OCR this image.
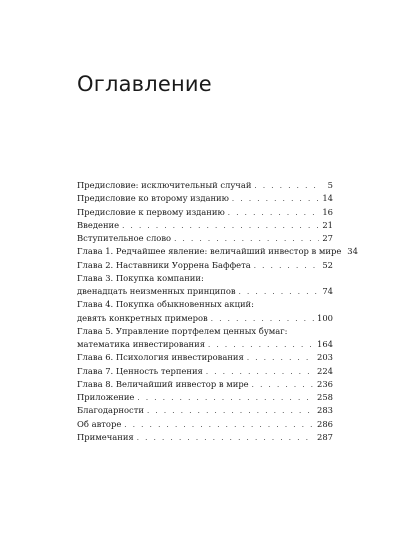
Оглавление
Предисловие: исключительный случай . . .	5
Предисловие ко второму изданию . . .	14
Предисловие к первому изданию . . .	16
Введение . . .	21
Вступительное слово . . .	27
Глава 1. Редчайшее явление: величайший инвестор в мире 34
Глава 2. Наставники Уоррена Баффета . . .	52
Глава 3. Покупка компании:
двенадцать неизменных принципов . . .	74
Глава 4. Покупка обыкновенных акций:
девять конкретных примеров . . .	100
Глава 5. Управление портфелем ценных бумаг:
математика инвестирования . . .	164
Глава 6. Психология инвестирования . . .	203
Глава 7. Ценность терпения . . .	224
Глава 8. Величайший инвестор в мире . . .	236
Приложение . . .	258
Благодарности . . .	283
Об авторе . . .	286
Примечания . . .	287
